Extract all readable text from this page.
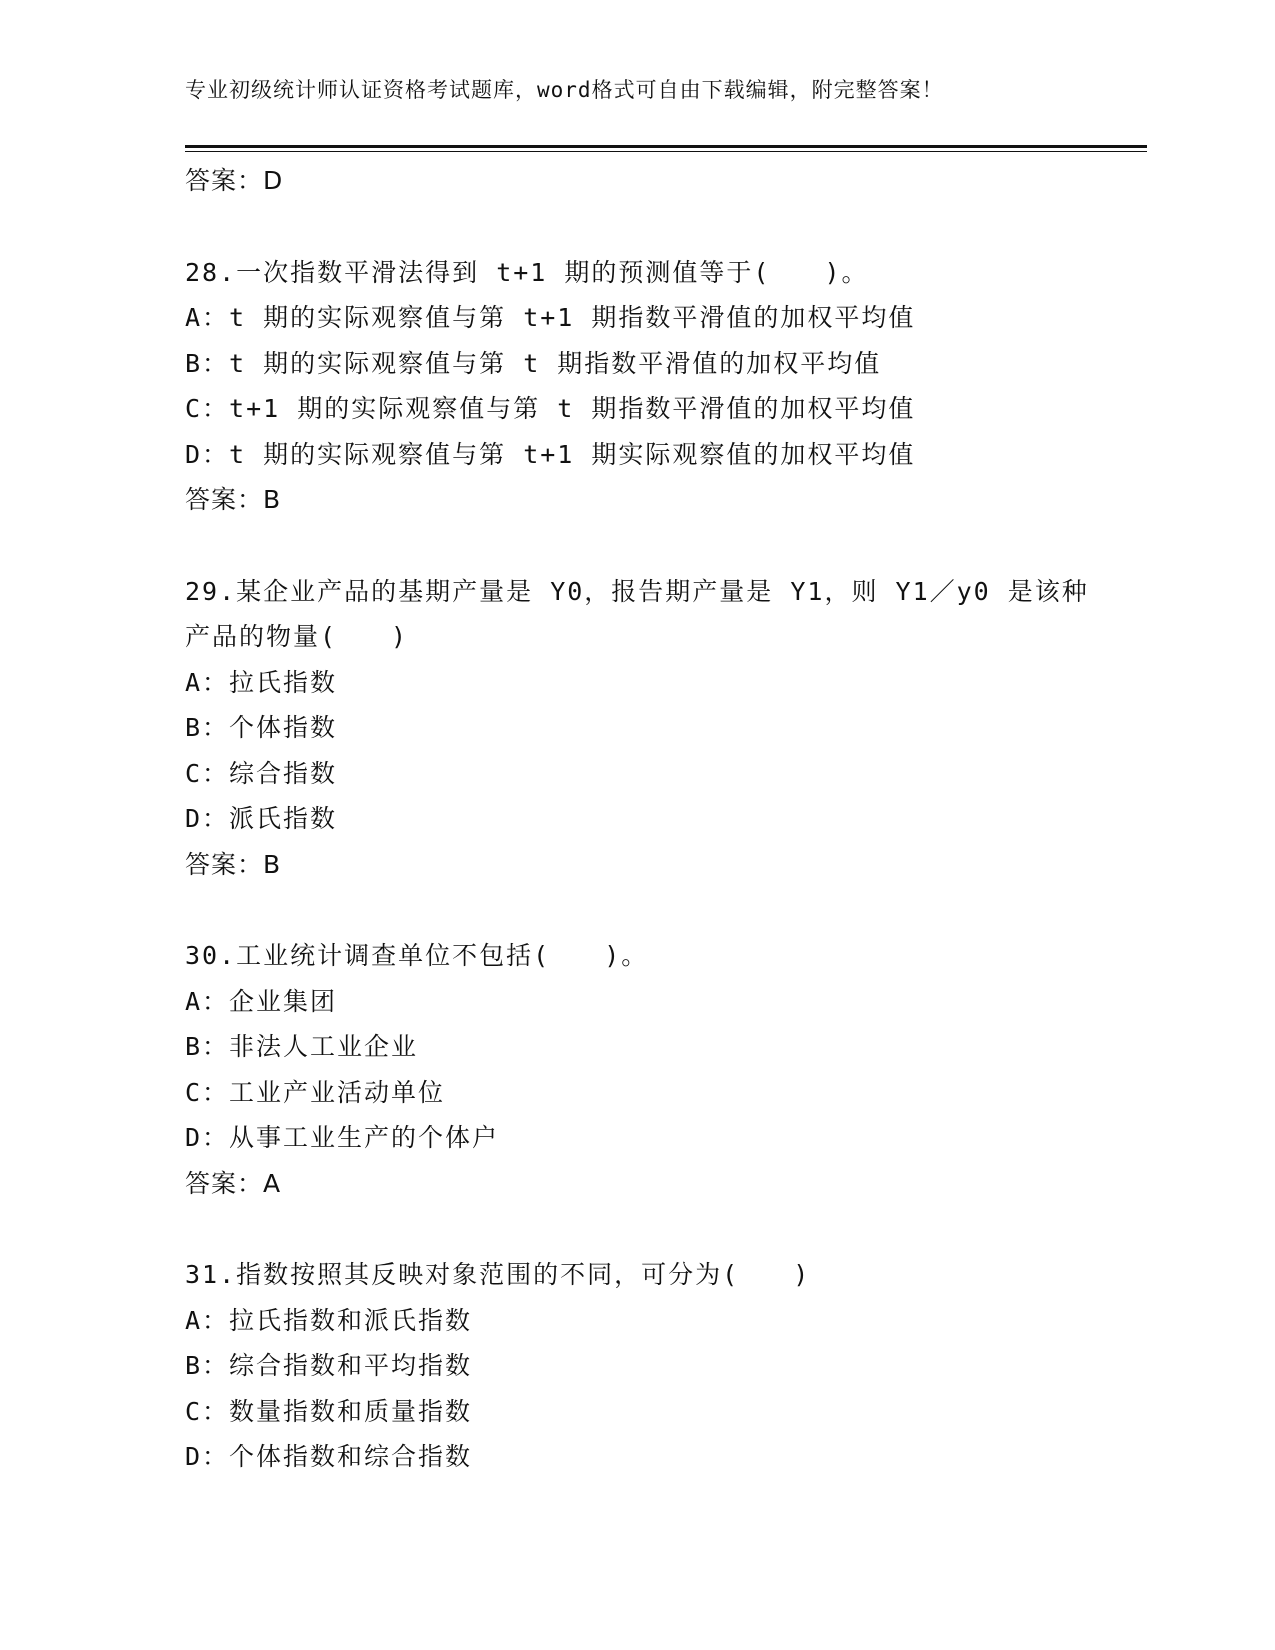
专业初级统计师认证资格考试题库，word格式可自由下载编辑，附完整答案！
答案：D
28.一次指数平滑法得到 t+1 期的预测值等于(　　)。
A：t 期的实际观察值与第 t+1 期指数平滑值的加权平均值
B：t 期的实际观察值与第 t 期指数平滑值的加权平均值
C：t+1 期的实际观察值与第 t 期指数平滑值的加权平均值
D：t 期的实际观察值与第 t+1 期实际观察值的加权平均值
答案：B
29.某企业产品的基期产量是 Y0，报告期产量是 Y1，则 Y1／y0 是该种
产品的物量(　　)
A：拉氏指数
B：个体指数
C：综合指数
D：派氏指数
答案：B
30.工业统计调查单位不包括(　　)。
A：企业集团
B：非法人工业企业
C：工业产业活动单位
D：从事工业生产的个体户
答案：A
31.指数按照其反映对象范围的不同，可分为(　　)
A：拉氏指数和派氏指数
B：综合指数和平均指数
C：数量指数和质量指数
D：个体指数和综合指数
